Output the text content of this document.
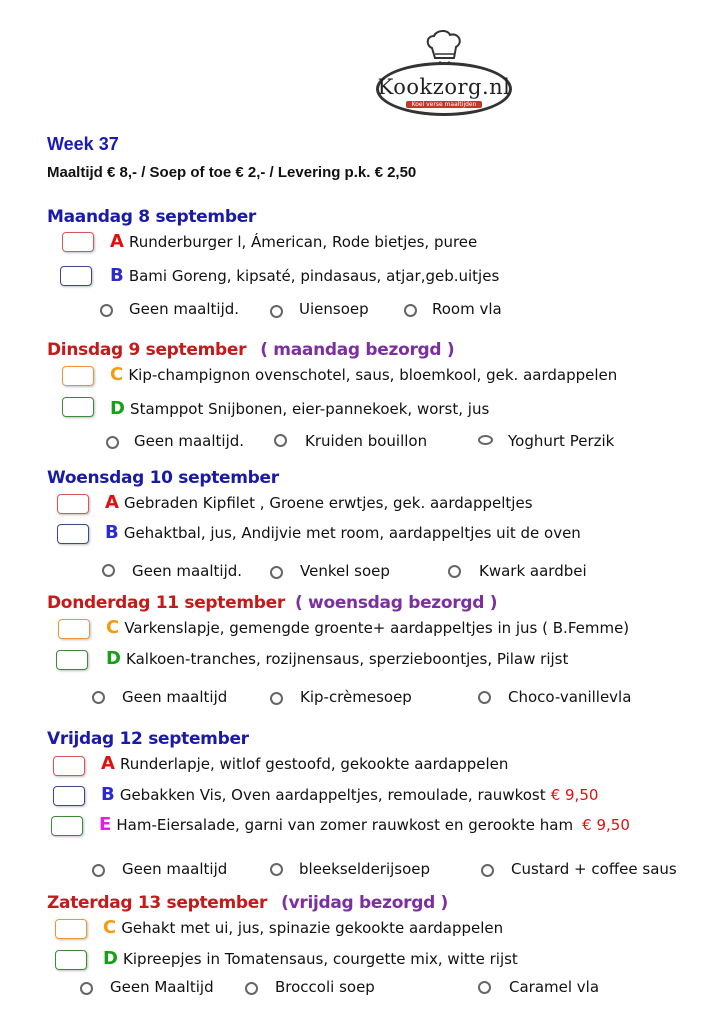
Kookzorg.nl
Koel verse maaltijden
Week 37
Maaltijd € 8,- / Soep of toe € 2,- / Levering p.k. € 2,50
Maandag 8 september
A Runderburger l, Ámerican, Rode bietjes, puree
B Bami Goreng, kipsaté, pindasaus, atjar,geb.uitjes
Geen maaltijd.	Uiensoep	Room vla
Dinsdag 9 september ( maandag bezorgd )
C Kip-champignon ovenschotel, saus, bloemkool, gek. aardappelen
D Stamppot Snijbonen, eier-pannekoek, worst, jus
Geen maaltijd.	Kruiden bouillon	Yoghurt Perzik
Woensdag 10 september
A Gebraden Kipfilet , Groene erwtjes, gek. aardappeltjes
B Gehaktbal, jus, Andijvie met room, aardappeltjes uit de oven
Geen maaltijd.	Venkel soep	Kwark aardbei
Donderdag 11 september ( woensdag bezorgd )
C Varkenslapje, gemengde groente+ aardappeltjes in jus ( B.Femme)
D Kalkoen-tranches, rozijnensaus, sperzieboontjes, Pilaw rijst
Geen maaltijd	Kip-crèmesoep	Choco-vanillevla
Vrijdag 12 september
A Runderlapje, witlof gestoofd, gekookte aardappelen
B Gebakken Vis, Oven aardappeltjes, remoulade, rauwkost € 9,50
E Ham-Eiersalade, garni van zomer rauwkost en gerookte ham € 9,50
Geen maaltijd	bleekselderijsoep	Custard + coffee saus
Zaterdag 13 september (vrijdag bezorgd )
C Gehakt met ui, jus, spinazie gekookte aardappelen
D Kipreepjes in Tomatensaus, courgette mix, witte rijst
Geen Maaltijd	Broccoli soep	Caramel vla
